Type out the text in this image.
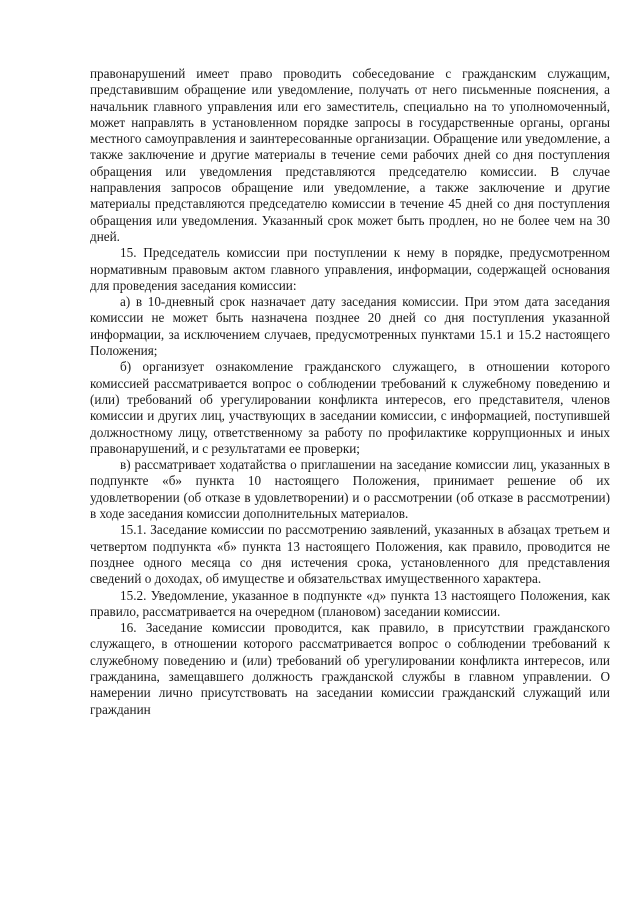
правонарушений имеет право проводить собеседование с гражданским служащим, представившим обращение или уведомление, получать от него письменные пояснения, а начальник главного управления или его заместитель, специально на то уполномоченный, может направлять в установленном порядке запросы в государственные органы, органы местного самоуправления и заинтересованные организации. Обращение или уведомление, а также заключение и другие материалы в течение семи рабочих дней со дня поступления обращения или уведомления представляются председателю комиссии. В случае направления запросов обращение или уведомление, а также заключение и другие материалы представляются председателю комиссии в течение 45 дней со дня поступления обращения или уведомления. Указанный срок может быть продлен, но не более чем на 30 дней.

15. Председатель комиссии при поступлении к нему в порядке, предусмотренном нормативным правовым актом главного управления, информации, содержащей основания для проведения заседания комиссии:

а) в 10-дневный срок назначает дату заседания комиссии. При этом дата заседания комиссии не может быть назначена позднее 20 дней со дня поступления указанной информации, за исключением случаев, предусмотренных пунктами 15.1 и 15.2 настоящего Положения;

б) организует ознакомление гражданского служащего, в отношении которого комиссией рассматривается вопрос о соблюдении требований к служебному поведению и (или) требований об урегулировании конфликта интересов, его представителя, членов комиссии и других лиц, участвующих в заседании комиссии, с информацией, поступившей должностному лицу, ответственному за работу по профилактике коррупционных и иных правонарушений, и с результатами ее проверки;

в) рассматривает ходатайства о приглашении на заседание комиссии лиц, указанных в подпункте «б» пункта 10 настоящего Положения, принимает решение об их удовлетворении (об отказе в удовлетворении) и о рассмотрении (об отказе в рассмотрении) в ходе заседания комиссии дополнительных материалов.

15.1. Заседание комиссии по рассмотрению заявлений, указанных в абзацах третьем и четвертом подпункта «б» пункта 13 настоящего Положения, как правило, проводится не позднее одного месяца со дня истечения срока, установленного для представления сведений о доходах, об имуществе и обязательствах имущественного характера.

15.2. Уведомление, указанное в подпункте «д» пункта 13 настоящего Положения, как правило, рассматривается на очередном (плановом) заседании комиссии.

16. Заседание комиссии проводится, как правило, в присутствии гражданского служащего, в отношении которого рассматривается вопрос о соблюдении требований к служебному поведению и (или) требований об урегулировании конфликта интересов, или гражданина, замещавшего должность гражданской службы в главном управлении. О намерении лично присутствовать на заседании комиссии гражданский служащий или гражданин
